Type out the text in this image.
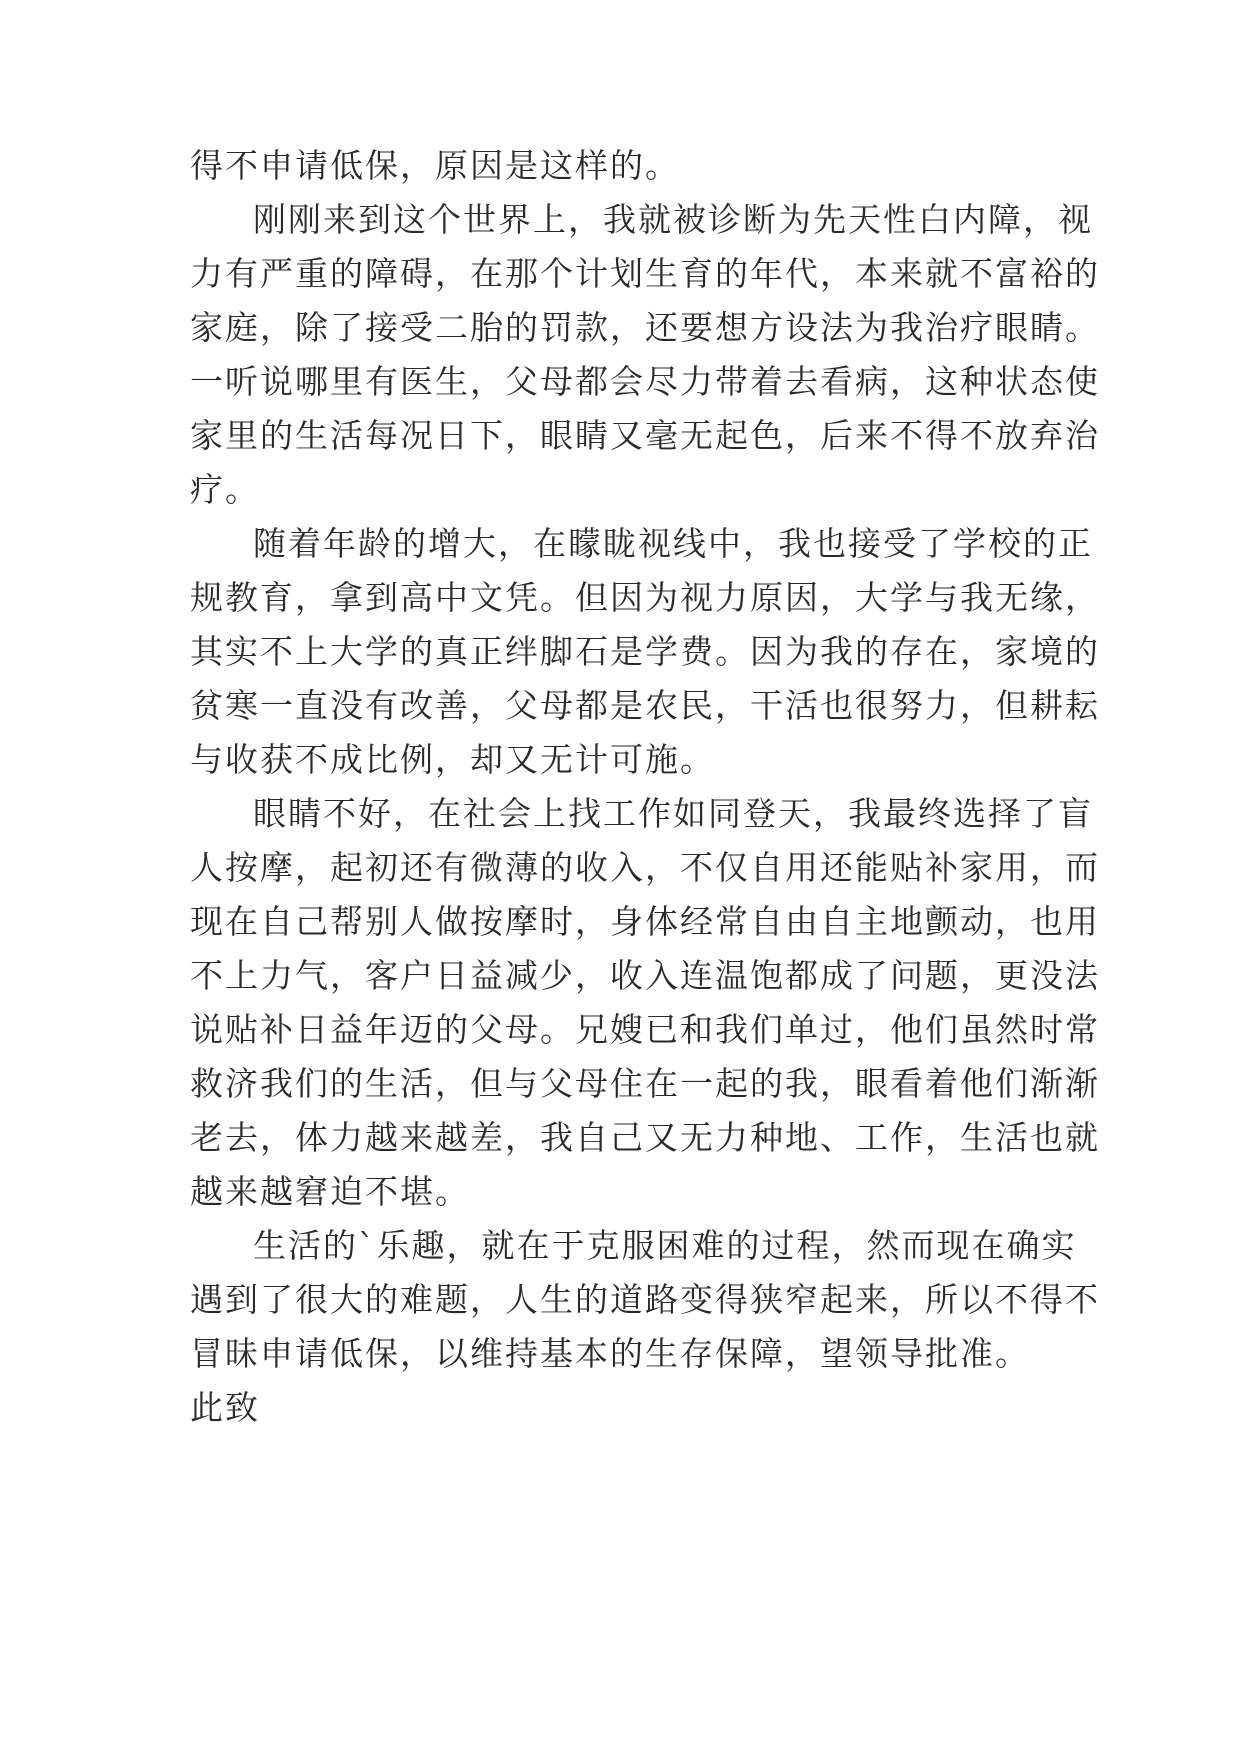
得不申请低保，原因是这样的。

刚刚来到这个世界上，我就被诊断为先天性白内障，视

力有严重的障碍，在那个计划生育的年代，本来就不富裕的

家庭，除了接受二胎的罚款，还要想方设法为我治疗眼睛。

一听说哪里有医生，父母都会尽力带着去看病，这种状态使

家里的生活每况日下，眼睛又毫无起色，后来不得不放弃治

疗。

随着年龄的增大，在矇眬视线中，我也接受了学校的正

规教育，拿到高中文凭。但因为视力原因，大学与我无缘，

其实不上大学的真正绊脚石是学费。因为我的存在，家境的

贫寒一直没有改善，父母都是农民，干活也很努力，但耕耘

与收获不成比例，却又无计可施。

眼睛不好，在社会上找工作如同登天，我最终选择了盲

人按摩，起初还有微薄的收入，不仅自用还能贴补家用，而

现在自己帮别人做按摩时，身体经常自由自主地颤动，也用

不上力气，客户日益减少，收入连温饱都成了问题，更没法

说贴补日益年迈的父母。兄嫂已和我们单过，他们虽然时常

救济我们的生活，但与父母住在一起的我，眼看着他们渐渐

老去，体力越来越差，我自己又无力种地、工作，生活也就

越来越窘迫不堪。

生活的`乐趣，就在于克服困难的过程，然而现在确实

遇到了很大的难题，人生的道路变得狭窄起来，所以不得不

冒昧申请低保，以维持基本的生存保障，望领导批准。

此致
